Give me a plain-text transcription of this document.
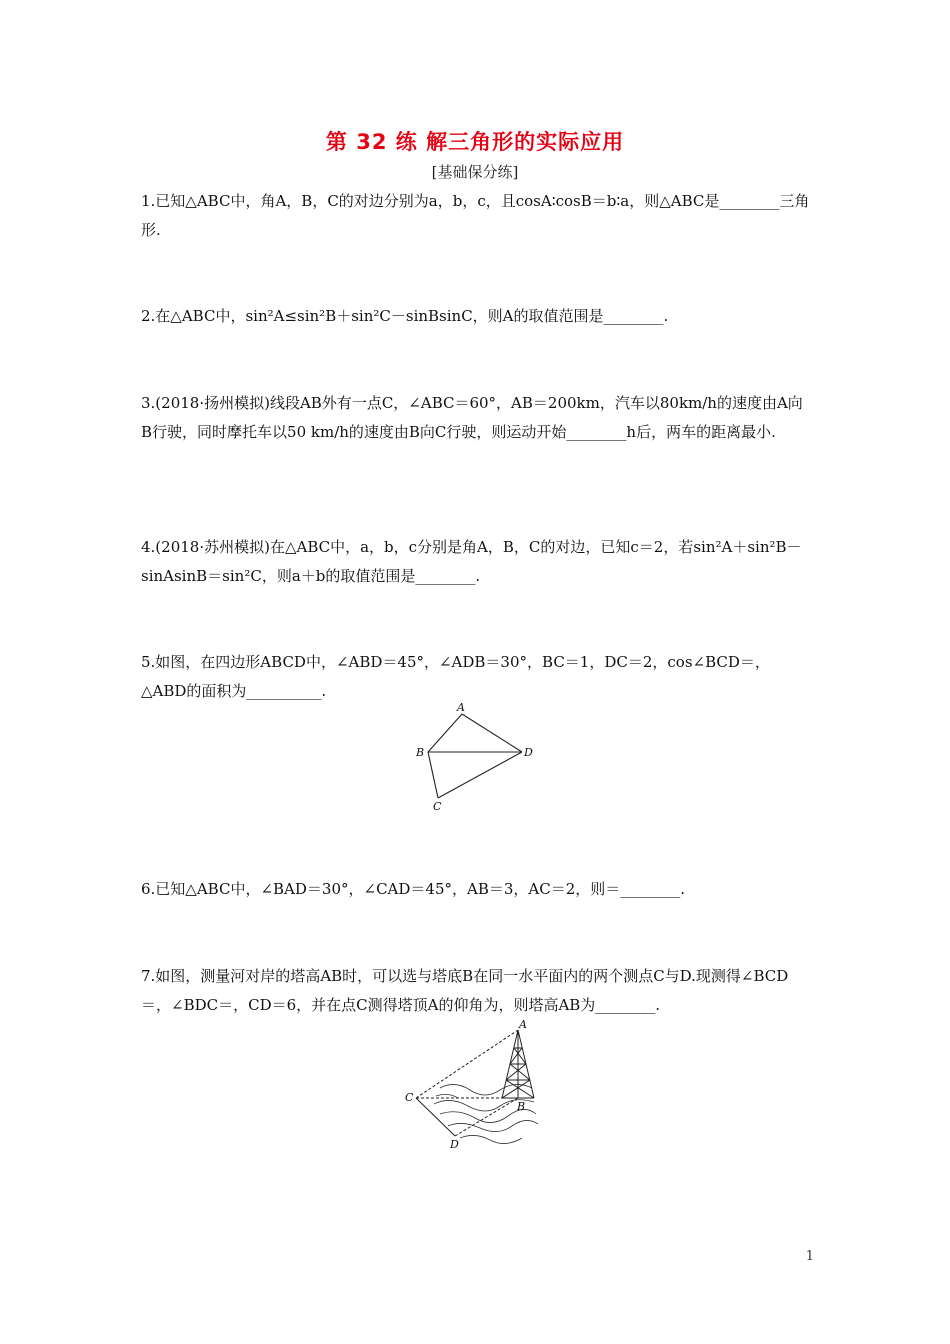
第 32 练 解三角形的实际应用
[基础保分练]
1.已知△ABC中，角A，B，C的对边分别为a，b，c，且cosA∶cosB＝b∶a，则△ABC是________三角形.
2.在△ABC中，sin²A≤sin²B＋sin²C－sinBsinC，则A的取值范围是________.
3.(2018·扬州模拟)线段AB外有一点C，∠ABC＝60°，AB＝200km，汽车以80km/h的速度由A向B行驶，同时摩托车以50 km/h的速度由B向C行驶，则运动开始________h后，两车的距离最小.
4.(2018·苏州模拟)在△ABC中，a，b，c分别是角A，B，C的对边，已知c＝2，若sin²A＋sin²B－sinAsinB＝sin²C，则a＋b的取值范围是________.
5.如图，在四边形ABCD中，∠ABD＝45°，∠ADB＝30°，BC＝1，DC＝2，cos∠BCD＝，△ABD的面积为__________.
A
B	D
C
6.已知△ABC中，∠BAD＝30°，∠CAD＝45°，AB＝3，AC＝2，则＝________.
7.如图，测量河对岸的塔高AB时，可以选与塔底B在同一水平面内的两个测点C与D.现测得∠BCD＝，∠BDC＝，CD＝6，并在点C测得塔顶A的仰角为，则塔高AB为________.
A
C
B
D
1
